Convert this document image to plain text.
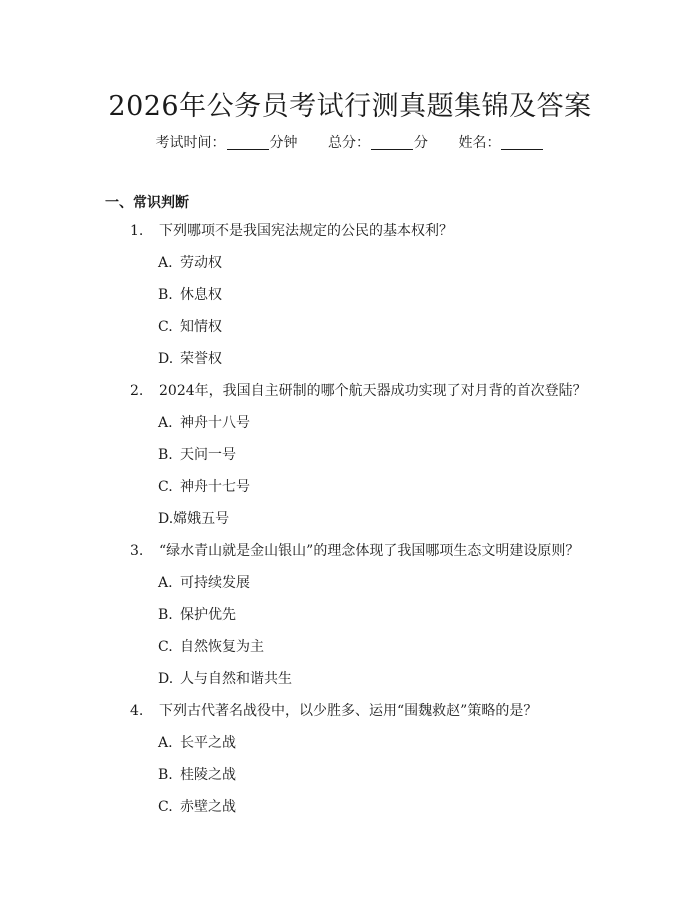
2026年公务员考试行测真题集锦及答案
考试时间：	分钟 总分：	分 姓名：
一、常识判断
1. 下列哪项不是我国宪法规定的公民的基本权利？
A. 劳动权
B. 休息权
C. 知情权
D. 荣誉权
2. 2024年，我国自主研制的哪个航天器成功实现了对月背的首次登陆？
A. 神舟十八号
B. 天问一号
C. 神舟十七号
D.嫦娥五号
3. “绿水青山就是金山银山”的理念体现了我国哪项生态文明建设原则？
A. 可持续发展
B. 保护优先
C. 自然恢复为主
D. 人与自然和谐共生
4. 下列古代著名战役中，以少胜多、运用“围魏救赵”策略的是？
A. 长平之战
B. 桂陵之战
C. 赤壁之战
